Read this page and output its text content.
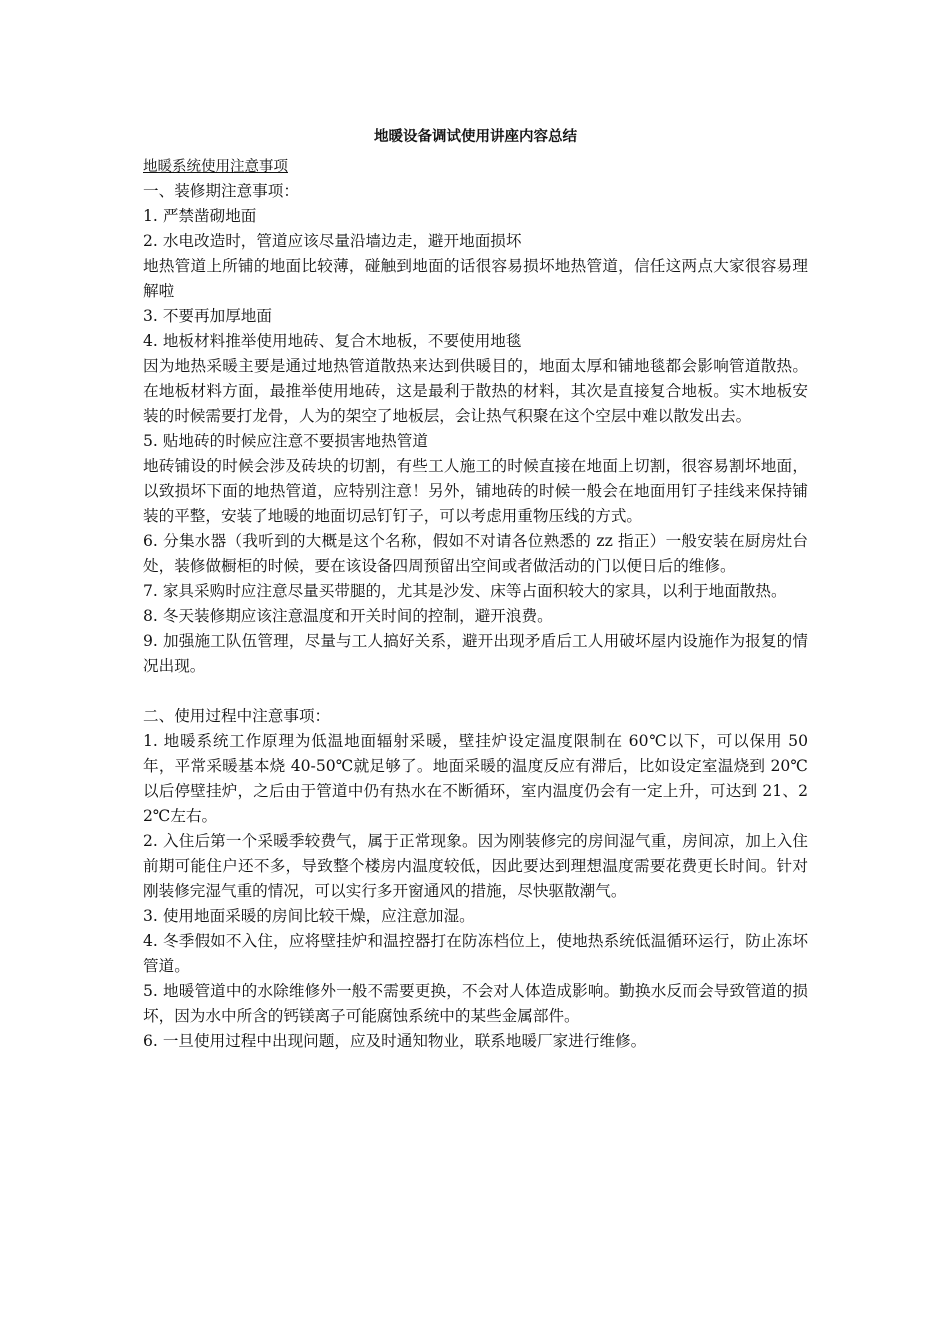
地暖设备调试使用讲座内容总结
地暖系统使用注意事项
一、装修期注意事项：
1. 严禁凿砌地面
2. 水电改造时，管道应该尽量沿墙边走，避开地面损坏
地热管道上所铺的地面比较薄，碰触到地面的话很容易损坏地热管道，信任这两点大家很容易理解啦
3. 不要再加厚地面
4. 地板材料推举使用地砖、复合木地板，不要使用地毯
因为地热采暖主要是通过地热管道散热来达到供暖目的，地面太厚和铺地毯都会影响管道散热。在地板材料方面，最推举使用地砖，这是最利于散热的材料，其次是直接复合地板。实木地板安装的时候需要打龙骨，人为的架空了地板层，会让热气积聚在这个空层中难以散发出去。
5. 贴地砖的时候应注意不要损害地热管道
地砖铺设的时候会涉及砖块的切割，有些工人施工的时候直接在地面上切割，很容易割坏地面，以致损坏下面的地热管道，应特别注意！另外，铺地砖的时候一般会在地面用钉子挂线来保持铺装的平整，安装了地暖的地面切忌钉钉子，可以考虑用重物压线的方式。
6. 分集水器（我听到的大概是这个名称，假如不对请各位熟悉的 zz 指正）一般安装在厨房灶台处，装修做橱柜的时候，要在该设备四周预留出空间或者做活动的门以便日后的维修。
7. 家具采购时应注意尽量买带腿的，尤其是沙发、床等占面积较大的家具，以利于地面散热。
8. 冬天装修期应该注意温度和开关时间的控制，避开浪费。
9. 加强施工队伍管理，尽量与工人搞好关系，避开出现矛盾后工人用破坏屋内设施作为报复的情况出现。
二、使用过程中注意事项：
1. 地暖系统工作原理为低温地面辐射采暖，壁挂炉设定温度限制在 60℃以下，可以保用 50 年，平常采暖基本烧 40-50℃就足够了。地面采暖的温度反应有滞后，比如设定室温烧到 20℃以后停壁挂炉，之后由于管道中仍有热水在不断循环，室内温度仍会有一定上升，可达到 21、22℃左右。
2. 入住后第一个采暖季较费气，属于正常现象。因为刚装修完的房间湿气重，房间凉，加上入住前期可能住户还不多，导致整个楼房内温度较低，因此要达到理想温度需要花费更长时间。针对刚装修完湿气重的情况，可以实行多开窗通风的措施，尽快驱散潮气。
3. 使用地面采暖的房间比较干燥，应注意加湿。
4. 冬季假如不入住，应将壁挂炉和温控器打在防冻档位上，使地热系统低温循环运行，防止冻坏管道。
5. 地暖管道中的水除维修外一般不需要更换，不会对人体造成影响。勤换水反而会导致管道的损坏，因为水中所含的钙镁离子可能腐蚀系统中的某些金属部件。
6. 一旦使用过程中出现问题，应及时通知物业，联系地暖厂家进行维修。
